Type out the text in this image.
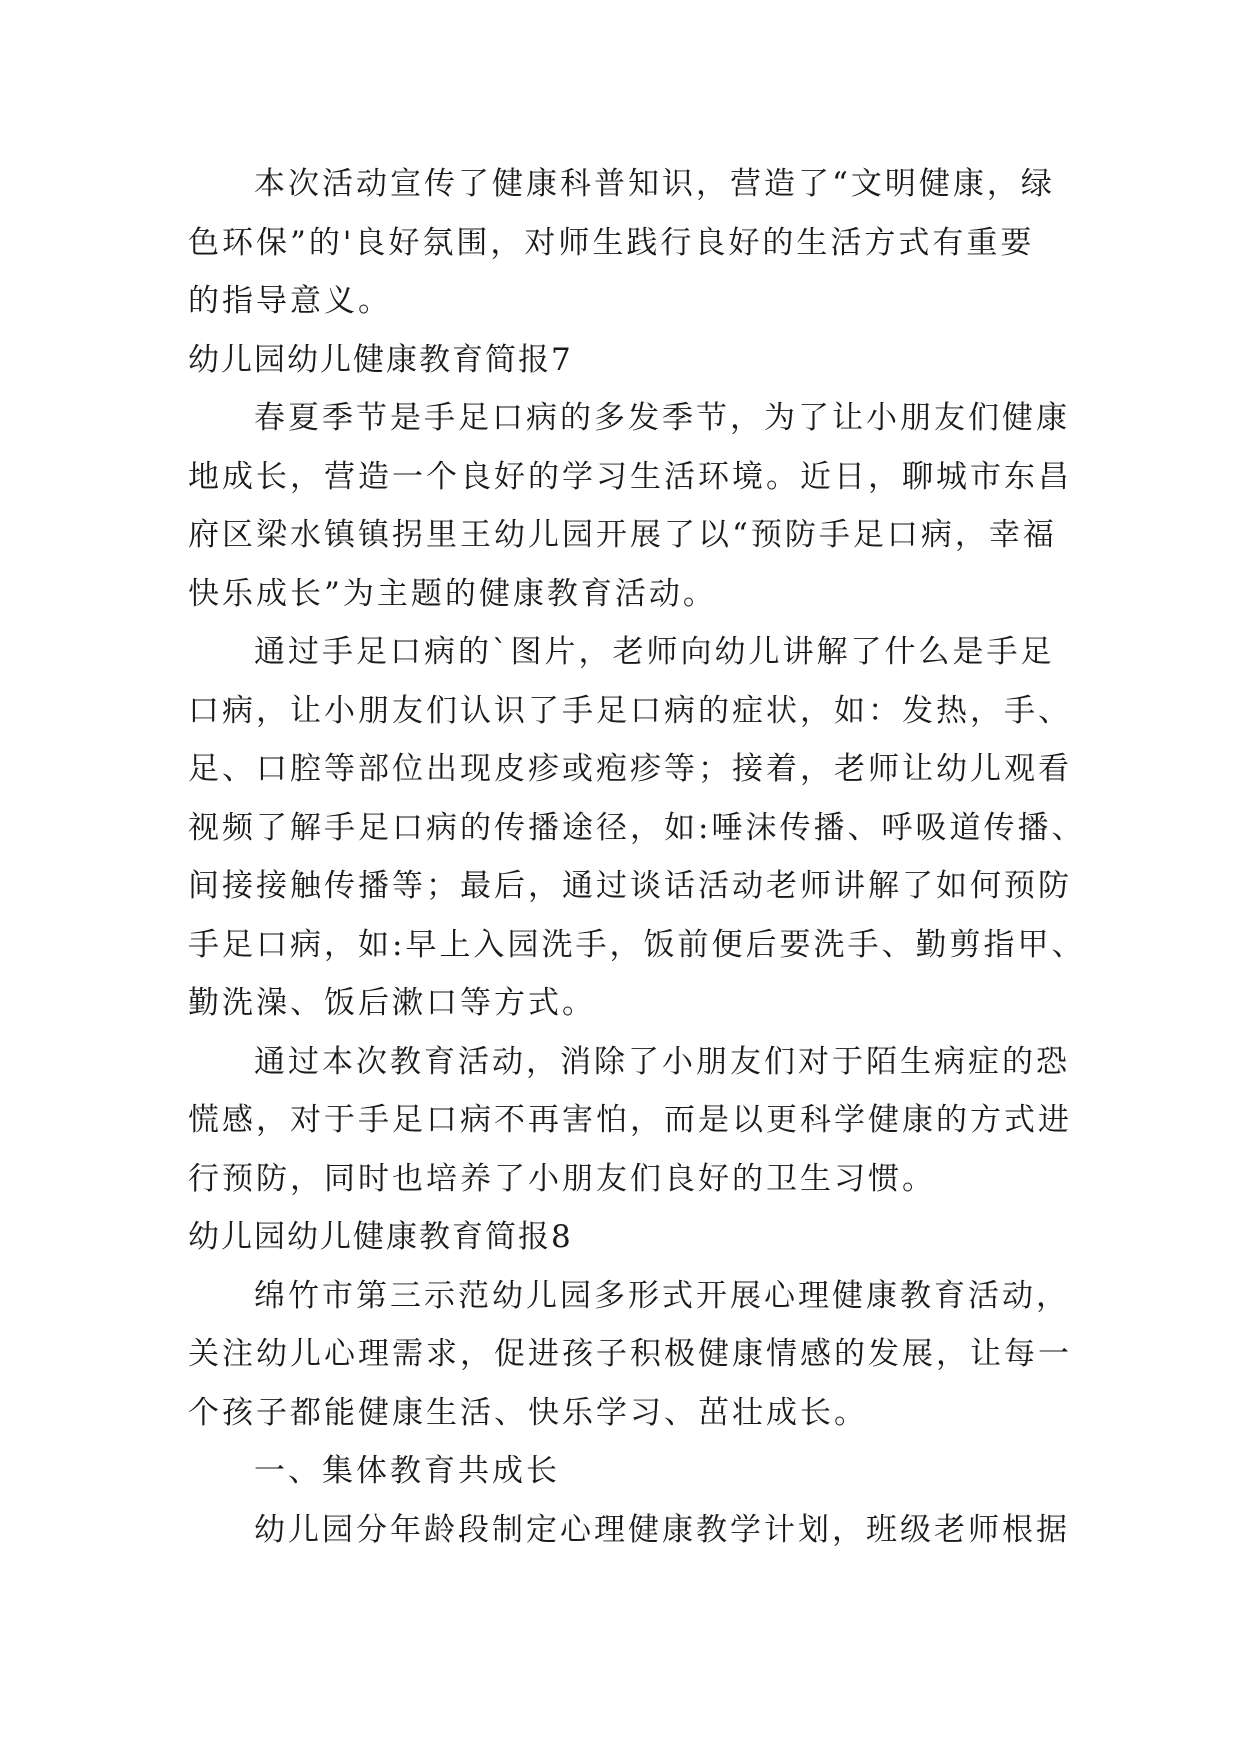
本次活动宣传了健康科普知识，营造了“文明健康，绿
色环保”的'良好氛围，对师生践行良好的生活方式有重要
的指导意义。
幼儿园幼儿健康教育简报7
春夏季节是手足口病的多发季节，为了让小朋友们健康
地成长，营造一个良好的学习生活环境。近日，聊城市东昌
府区梁水镇镇拐里王幼儿园开展了以“预防手足口病，幸福
快乐成长”为主题的健康教育活动。
通过手足口病的`图片，老师向幼儿讲解了什么是手足
口病，让小朋友们认识了手足口病的症状，如：发热，手、
足、口腔等部位出现皮疹或疱疹等；接着，老师让幼儿观看
视频了解手足口病的传播途径，如:唾沫传播、呼吸道传播、
间接接触传播等；最后，通过谈话活动老师讲解了如何预防
手足口病，如:早上入园洗手，饭前便后要洗手、勤剪指甲、
勤洗澡、饭后漱口等方式。
通过本次教育活动，消除了小朋友们对于陌生病症的恐
慌感，对于手足口病不再害怕，而是以更科学健康的方式进
行预防，同时也培养了小朋友们良好的卫生习惯。
幼儿园幼儿健康教育简报8
绵竹市第三示范幼儿园多形式开展心理健康教育活动，
关注幼儿心理需求，促进孩子积极健康情感的发展，让每一
个孩子都能健康生活、快乐学习、茁壮成长。
一、集体教育共成长
幼儿园分年龄段制定心理健康教学计划，班级老师根据
